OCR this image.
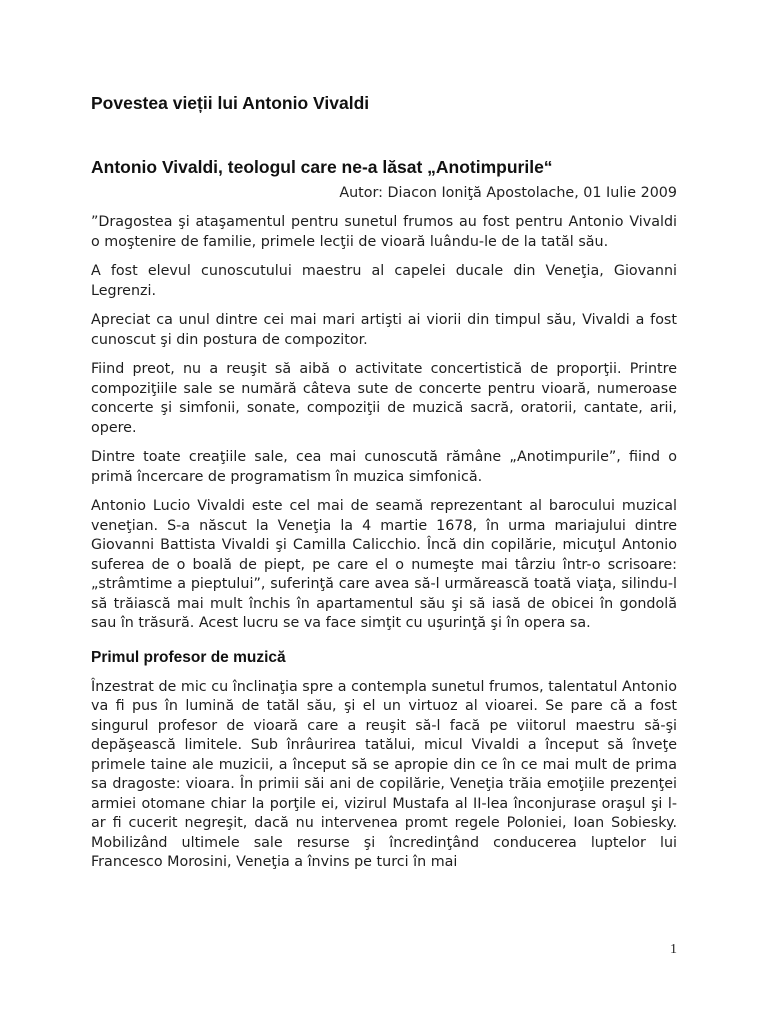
Povestea vieții lui Antonio Vivaldi
Antonio Vivaldi, teologul care ne-a lăsat „Anotimpurile“
Autor: Diacon Ioniţă Apostolache, 01 Iulie 2009
”Dragostea şi ataşamentul pentru sunetul frumos au fost pentru Antonio Vivaldi o moştenire de familie, primele lecţii de vioară luându-le de la tatăl său.
A fost elevul cunoscutului maestru al capelei ducale din Veneţia, Giovanni Legrenzi.
Apreciat ca unul dintre cei mai mari artişti ai viorii din timpul său, Vivaldi a fost cunoscut şi din postura de compozitor.
Fiind preot, nu a reuşit să aibă o activitate concertistică de proporţii. Printre compoziţiile sale se numără câteva sute de concerte pentru vioară, numeroase concerte şi simfonii, sonate, compoziţii de muzică sacră, oratorii, cantate, arii, opere.
Dintre toate creaţiile sale, cea mai cunoscută rămâne „Anotimpurile”, fiind o primă încercare de programatism în muzica simfonică.
Antonio Lucio Vivaldi este cel mai de seamă reprezentant al barocului muzical veneţian. S-a născut la Veneţia la 4 martie 1678, în urma mariajului dintre Giovanni Battista Vivaldi şi Camilla Calicchio. Încă din copilărie, micuţul Antonio suferea de o boală de piept, pe care el o numeşte mai târziu într-o scrisoare: „strâmtime a pieptului”, suferinţă care avea să-l urmărească toată viaţa, silindu-l să trăiască mai mult închis în apartamentul său şi să iasă de obicei în gondolă sau în trăsură. Acest lucru se va face simţit cu uşurinţă şi în opera sa.
Primul profesor de muzică
Înzestrat de mic cu înclinaţia spre a contempla sunetul frumos, talentatul Antonio va fi pus în lumină de tatăl său, şi el un virtuoz al vioarei. Se pare că a fost singurul profesor de vioară care a reuşit să-l facă pe viitorul maestru să-şi depăşească limitele. Sub înrâurirea tatălui, micul Vivaldi a început să înveţe primele taine ale muzicii, a început să se apropie din ce în ce mai mult de prima sa dragoste: vioara. În primii săi ani de copilărie, Veneţia trăia emoţiile prezenţei armiei otomane chiar la porţile ei, vizirul Mustafa al II-lea înconjurase oraşul şi l-ar fi cucerit negreşit, dacă nu intervenea promt regele Poloniei, Ioan Sobiesky. Mobilizând ultimele sale resurse şi încredinţând conducerea luptelor lui Francesco Morosini, Veneţia a învins pe turci în mai
1
